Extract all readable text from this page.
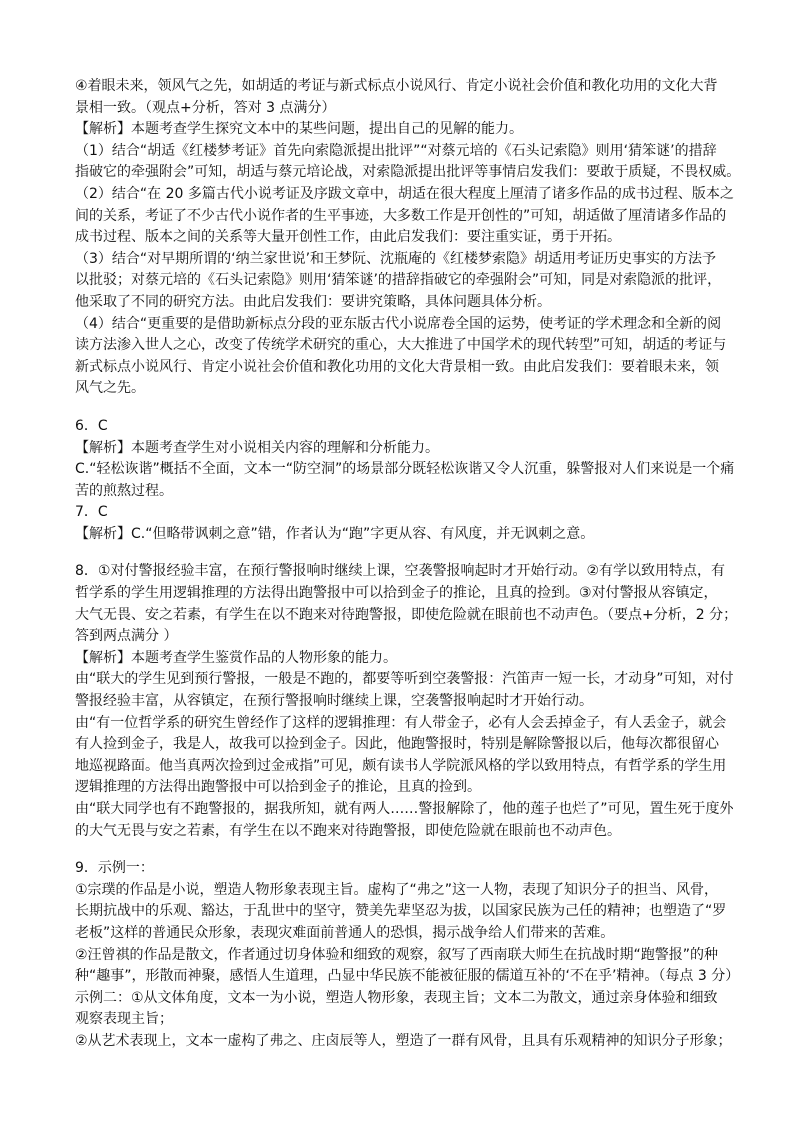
④着眼未来，领风气之先，如胡适的考证与新式标点小说风行、肯定小说社会价值和教化功用的文化大背
景相一致。（观点+分析，答对 3 点满分）
【解析】本题考查学生探究文本中的某些问题，提出自己的见解的能力。
（1）结合“胡适《红楼梦考证》首先向索隐派提出批评”“对蔡元培的《石头记索隐》则用‘猜笨谜’的措辞
指破它的牵强附会”可知，胡适与蔡元培论战，对索隐派提出批评等事情启发我们：要敢于质疑，不畏权威。
（2）结合“在 20 多篇古代小说考证及序跋文章中，胡适在很大程度上厘清了诸多作品的成书过程、版本之
间的关系，考证了不少古代小说作者的生平事迹，大多数工作是开创性的”可知，胡适做了厘清诸多作品的
成书过程、版本之间的关系等大量开创性工作，由此启发我们：要注重实证，勇于开拓。
（3）结合“对早期所谓的‘纳兰家世说’和王梦阮、沈瓶庵的《红楼梦索隐》胡适用考证历史事实的方法予
以批驳；对蔡元培的《石头记索隐》则用‘猜笨谜’的措辞指破它的牵强附会”可知，同是对索隐派的批评，
他采取了不同的研究方法。由此启发我们：要讲究策略，具体问题具体分析。
（4）结合“更重要的是借助新标点分段的亚东版古代小说席卷全国的运势，使考证的学术理念和全新的阅
读方法渗入世人之心，改变了传统学术研究的重心，大大推进了中国学术的现代转型”可知，胡适的考证与
新式标点小说风行、肯定小说社会价值和教化功用的文化大背景相一致。由此启发我们：要着眼未来，领
风气之先。
6．C
【解析】本题考查学生对小说相关内容的理解和分析能力。
C.“轻松诙谐”概括不全面，文本一“防空洞”的场景部分既轻松诙谐又令人沉重，躲警报对人们来说是一个痛
苦的煎熬过程。
7．C
【解析】C.“但略带讽刺之意”错，作者认为“跑”字更从容、有风度，并无讽刺之意。
8．①对付警报经验丰富，在预行警报响时继续上课，空袭警报响起时才开始行动。②有学以致用特点，有
哲学系的学生用逻辑推理的方法得出跑警报中可以拾到金子的推论，且真的捡到。③对付警报从容镇定，
大气无畏、安之若素，有学生在以不跑来对待跑警报，即使危险就在眼前也不动声色。（要点+分析，2 分；
答到两点满分 ）
【解析】本题考查学生鉴赏作品的人物形象的能力。
由“联大的学生见到预行警报，一般是不跑的，都要等听到空袭警报：汽笛声一短一长，才动身”可知，对付
警报经验丰富，从容镇定，在预行警报响时继续上课，空袭警报响起时才开始行动。
由“有一位哲学系的研究生曾经作了这样的逻辑推理：有人带金子，必有人会丢掉金子，有人丢金子，就会
有人捡到金子，我是人，故我可以捡到金子。因此，他跑警报时，特别是解除警报以后，他每次都很留心
地巡视路面。他当真两次捡到过金戒指”可见，颇有读书人学院派风格的学以致用特点，有哲学系的学生用
逻辑推理的方法得出跑警报中可以拾到金子的推论，且真的捡到。
由“联大同学也有不跑警报的，据我所知，就有两人……警报解除了，他的莲子也烂了”可见，置生死于度外
的大气无畏与安之若素，有学生在以不跑来对待跑警报，即使危险就在眼前也不动声色。
9．示例一：
①宗璞的作品是小说，塑造人物形象表现主旨。虚构了“弗之”这一人物，表现了知识分子的担当、风骨，
长期抗战中的乐观、豁达，于乱世中的坚守，赞美先辈坚忍为拔，以国家民族为己任的精神；也塑造了“罗
老板”这样的普通民众形象，表现灾难面前普通人的恐惧，揭示战争给人们带来的苦难。
②汪曾祺的作品是散文，作者通过切身体验和细致的观察，叙写了西南联大师生在抗战时期“跑警报”的种
种“趣事”，形散而神聚，感悟人生道理，凸显中华民族不能被征服的儒道互补的‘不在乎’精神。（每点 3 分）
示例二：①从文体角度，文本一为小说，塑造人物形象，表现主旨；文本二为散文，通过亲身体验和细致
观察表现主旨；
②从艺术表现上，文本一虚构了弗之、庄卤辰等人，塑造了一群有风骨，且具有乐观精神的知识分子形象；
